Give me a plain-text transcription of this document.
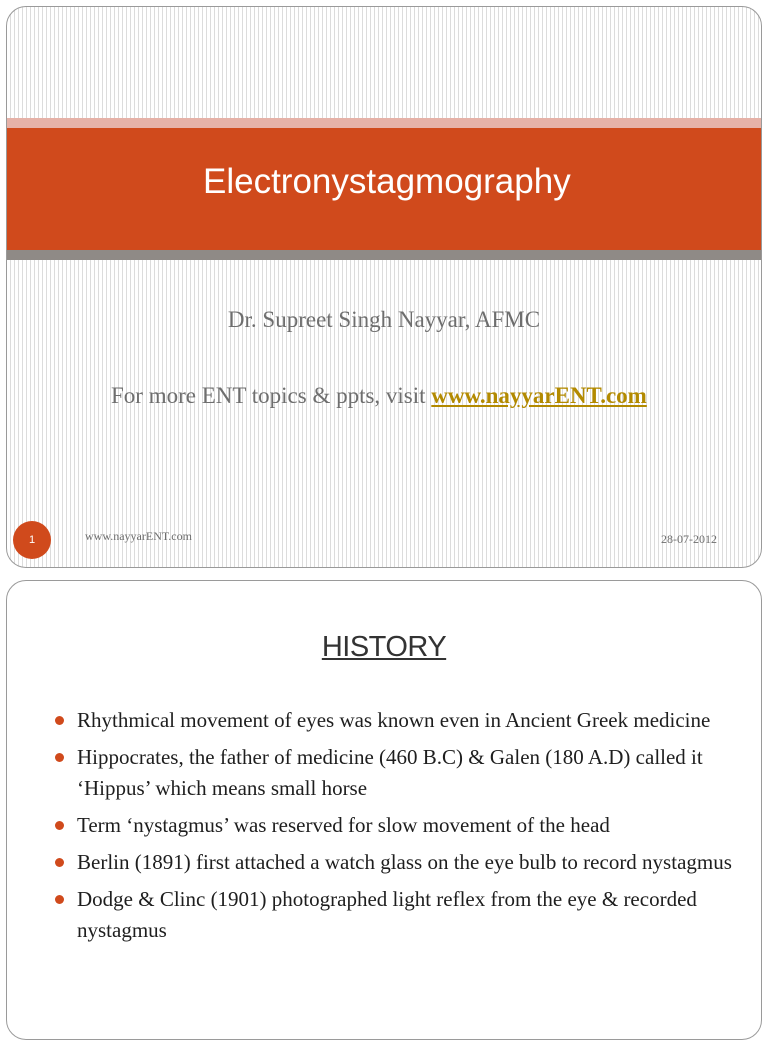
Electronystagmography
Dr. Supreet Singh Nayyar, AFMC
For more ENT topics & ppts, visit www.nayyarENT.com
1	www.nayyarENT.com	28-07-2012
HISTORY
Rhythmical movement of eyes was known even in Ancient Greek medicine
Hippocrates, the father of medicine (460 B.C) & Galen (180 A.D) called it ‘Hippus’ which means small horse
Term ‘nystagmus’ was reserved for slow movement of the head
Berlin (1891) first attached a watch glass on the eye bulb to record nystagmus
Dodge & Clinc (1901) photographed light reflex from the eye & recorded nystagmus
